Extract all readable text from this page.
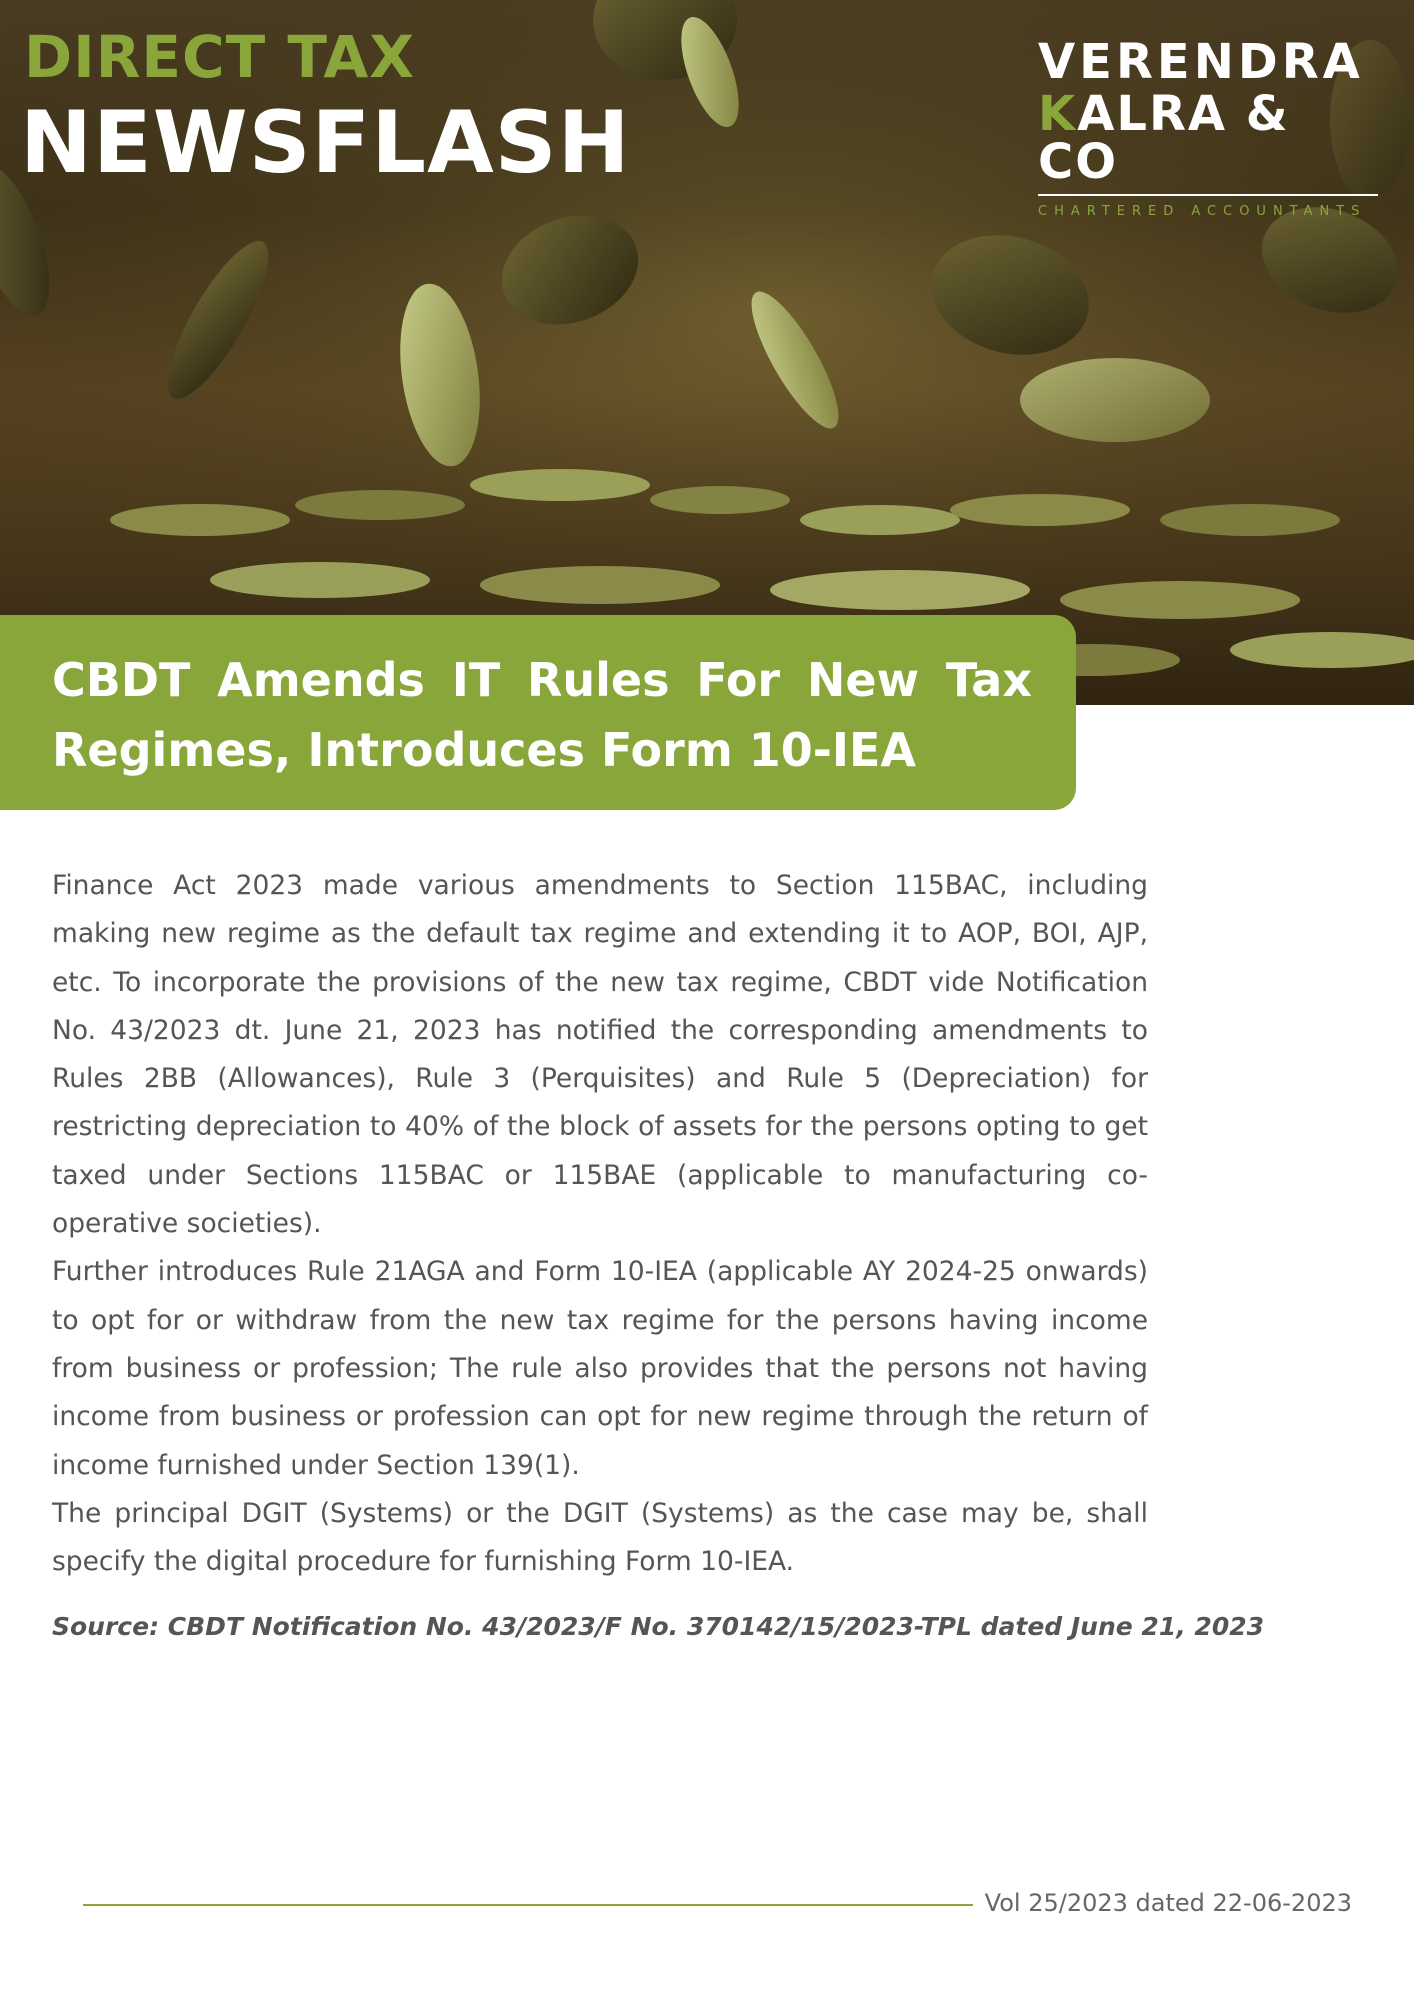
DIRECT TAX
NEWSFLASH
VERENDRA
KALRA & CO
CHARTERED ACCOUNTANTS
CBDT Amends IT Rules For New Tax Regimes, Introduces Form 10-IEA

Finance Act 2023 made various amendments to Section 115BAC, including making new regime as the default tax regime and extending it to AOP, BOI, AJP, etc. To incorporate the provisions of the new tax regime, CBDT vide Notification No. 43/2023 dt. June 21, 2023 has notified the corresponding amendments to Rules 2BB (Allowances), Rule 3 (Perquisites) and Rule 5 (Depreciation) for restricting depreciation to 40% of the block of assets for the persons opting to get taxed under Sections 115BAC or 115BAE (applicable to manufacturing co-operative societies).

Further introduces Rule 21AGA and Form 10-IEA (applicable AY 2024-25 onwards) to opt for or withdraw from the new tax regime for the persons having income from business or profession; The rule also provides that the persons not having income from business or profession can opt for new regime through the return of income furnished under Section 139(1).

The principal DGIT (Systems) or the DGIT (Systems) as the case may be, shall specify the digital procedure for furnishing Form 10-IEA.

Source: CBDT Notification No. 43/2023/F No. 370142/15/2023-TPL dated June 21, 2023
Vol 25/2023 dated 22-06-2023
